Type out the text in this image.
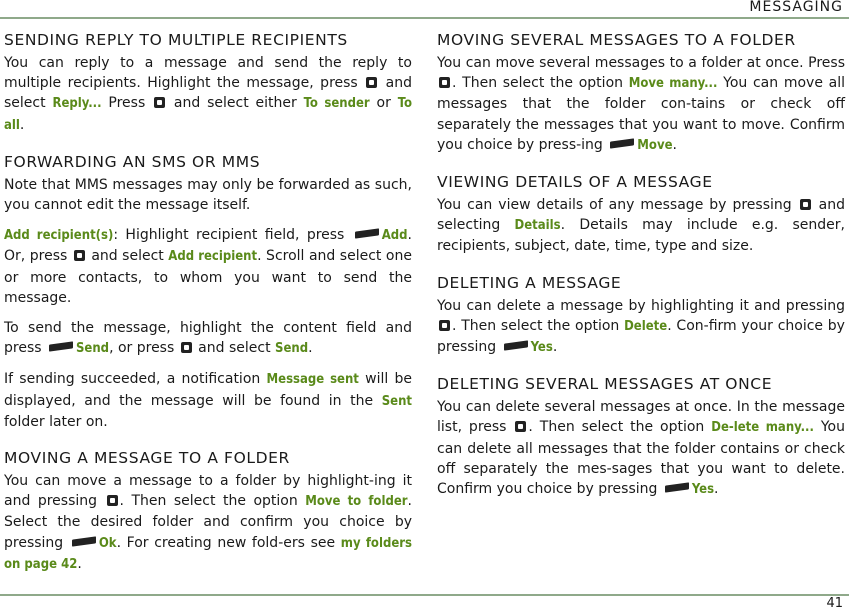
MESSAGING
SENDING REPLY TO MULTIPLE RECIPIENTS

You can reply to a message and send the reply to multiple recipients. Highlight the message, press  and select Reply... Press  and select either To sender or To all.

FORWARDING AN SMS OR MMS

Note that MMS messages may only be forwarded as such, you cannot edit the message itself.

Add recipient(s): Highlight recipient field, press Add. Or, press  and select Add recipient. Scroll and select one or more contacts, to whom you want to send the message.

To send the message, highlight the content field and press Send, or press  and select Send.

If sending succeeded, a notification Message sent will be displayed, and the message will be found in the Sent folder later on.

MOVING A MESSAGE TO A FOLDER

You can move a message to a folder by highlight-ing it and pressing . Then select the option Move to folder. Select the desired folder and confirm you choice by pressing Ok. For creating new fold-ers see my folders on page 42.

MOVING SEVERAL MESSAGES TO A FOLDER

You can move several messages to a folder at once. Press . Then select the option Move many... You can move all messages that the folder con-tains or check off separately the messages that you want to move. Confirm you choice by press-ing Move.

VIEWING DETAILS OF A MESSAGE

You can view details of any message by pressing  and selecting Details. Details may include e.g. sender, recipients, subject, date, time, type and size.

DELETING A MESSAGE

You can delete a message by highlighting it and pressing . Then select the option Delete. Con-firm your choice by pressing Yes.

DELETING SEVERAL MESSAGES AT ONCE

You can delete several messages at once. In the message list, press . Then select the option De-lete many... You can delete all messages that the folder contains or check off separately the mes-sages that you want to delete. Confirm you choice by pressing Yes.

41
